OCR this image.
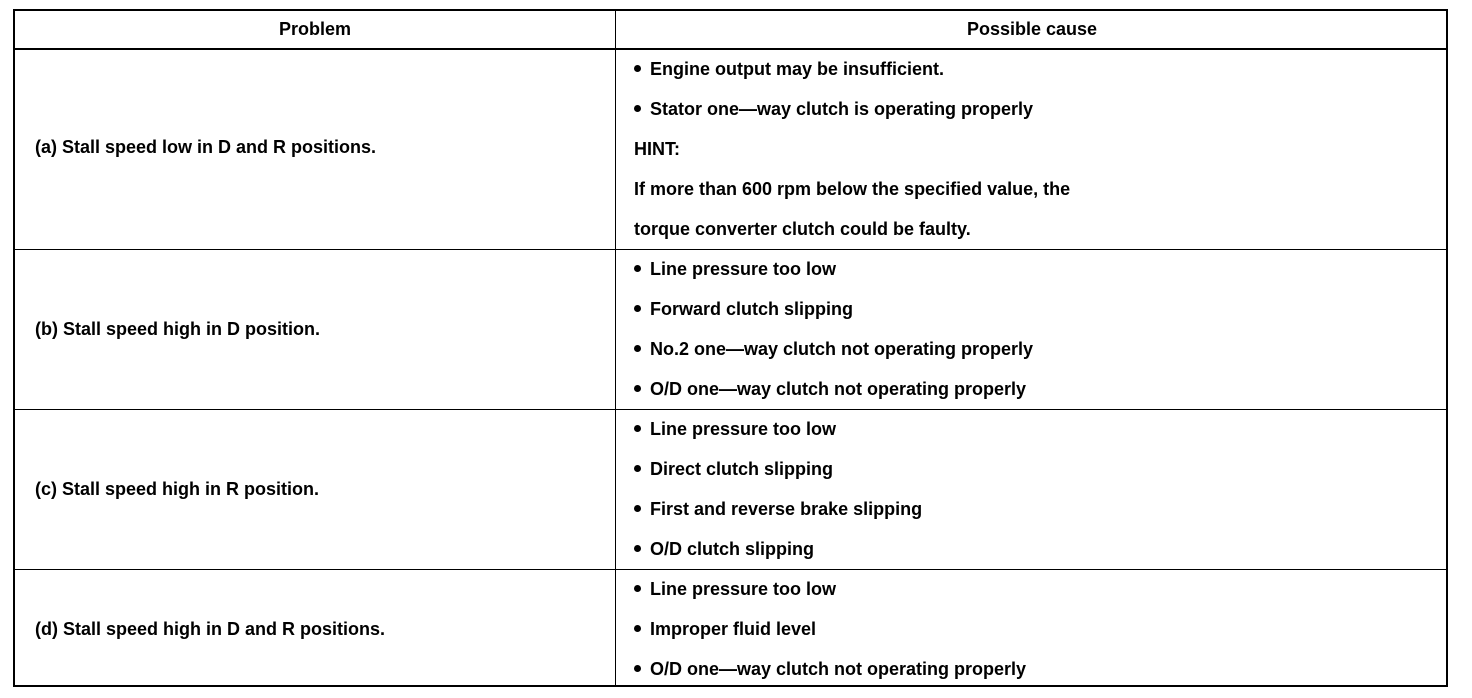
Problem	Possible cause
(a) Stall speed low in D and R positions.
Engine output may be insufficient.
Stator one—way clutch is operating properly
HINT:
If more than 600 rpm below the specified value, the
torque converter clutch could be faulty.
(b) Stall speed high in D position.
Line pressure too low
Forward clutch slipping
No.2 one—way clutch not operating properly
O/D one—way clutch not operating properly
(c) Stall speed high in R position.
Line pressure too low
Direct clutch slipping
First and reverse brake slipping
O/D clutch slipping
(d) Stall speed high in D and R positions.
Line pressure too low
Improper fluid level
O/D one—way clutch not operating properly
